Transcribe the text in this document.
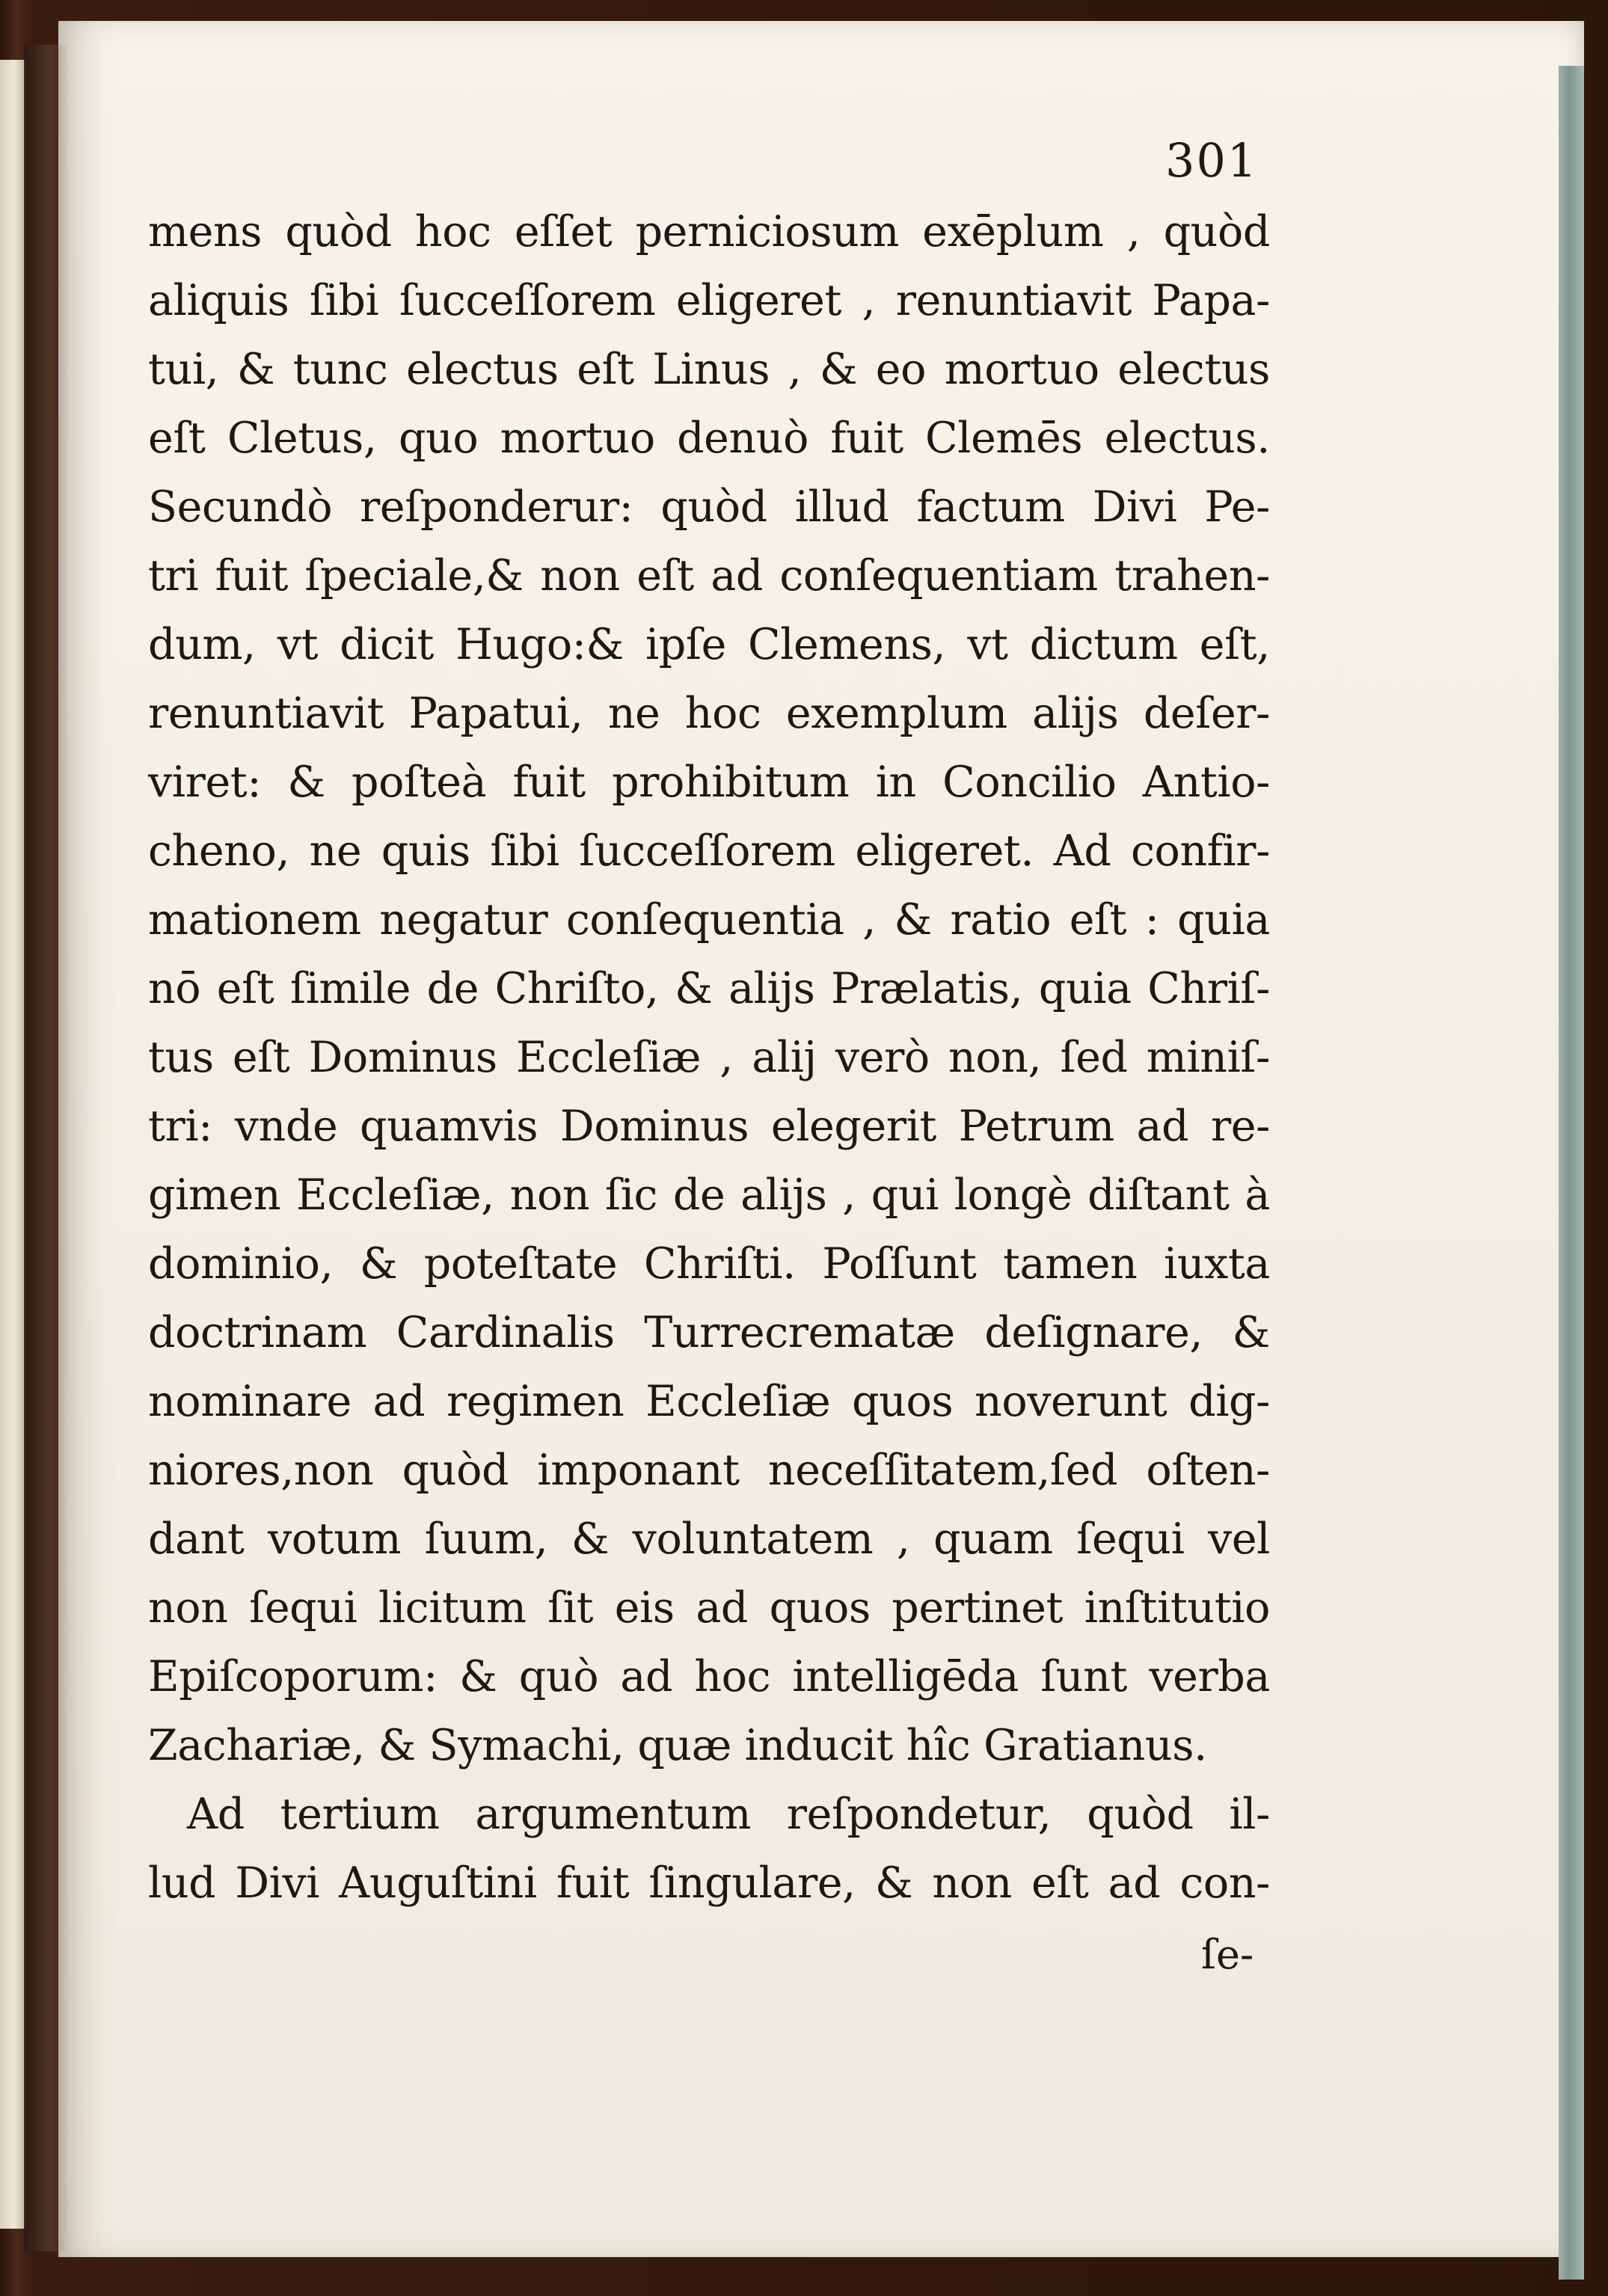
301
mens quòd hoc eſſet perniciosum exēplum , quòd
aliquis ſibi ſucceſſorem eligeret , renuntiavit Papa-
tui, & tunc electus eſt Linus , & eo mortuo electus
eſt Cletus, quo mortuo denuò fuit Clemēs electus.
Secundò reſponderur: quòd illud factum Divi Pe-
tri fuit ſpeciale,& non eſt ad conſequentiam trahen-
dum, vt dicit Hugo:& ipſe Clemens, vt dictum eſt,
renuntiavit Papatui, ne hoc exemplum alijs deſer-
viret: & poſteà fuit prohibitum in Concilio Antio-
cheno, ne quis ſibi ſucceſſorem eligeret. Ad confir-
mationem negatur conſequentia , & ratio eſt : quia
nō eſt ſimile de Chriſto, & alijs Prælatis, quia Chriſ-
tus eſt Dominus Eccleſiæ , alij verò non, ſed miniſ-
tri: vnde quamvis Dominus elegerit Petrum ad re-
gimen Eccleſiæ, non ſic de alijs , qui longè diſtant à
dominio, & poteſtate Chriſti. Poſſunt tamen iuxta
doctrinam Cardinalis Turrecrematæ deſignare, &
nominare ad regimen Eccleſiæ quos noverunt dig-
niores,non quòd imponant neceſſitatem,ſed oſten-
dant votum ſuum, & voluntatem , quam ſequi vel
non ſequi licitum ſit eis ad quos pertinet inſtitutio
Epiſcoporum: & quò ad hoc intelligēda ſunt verba
Zachariæ, & Symachi, quæ inducit hîc Gratianus.
Ad tertium argumentum reſpondetur, quòd il-
lud Divi Auguſtini fuit ſingulare, & non eſt ad con-
ſe-
